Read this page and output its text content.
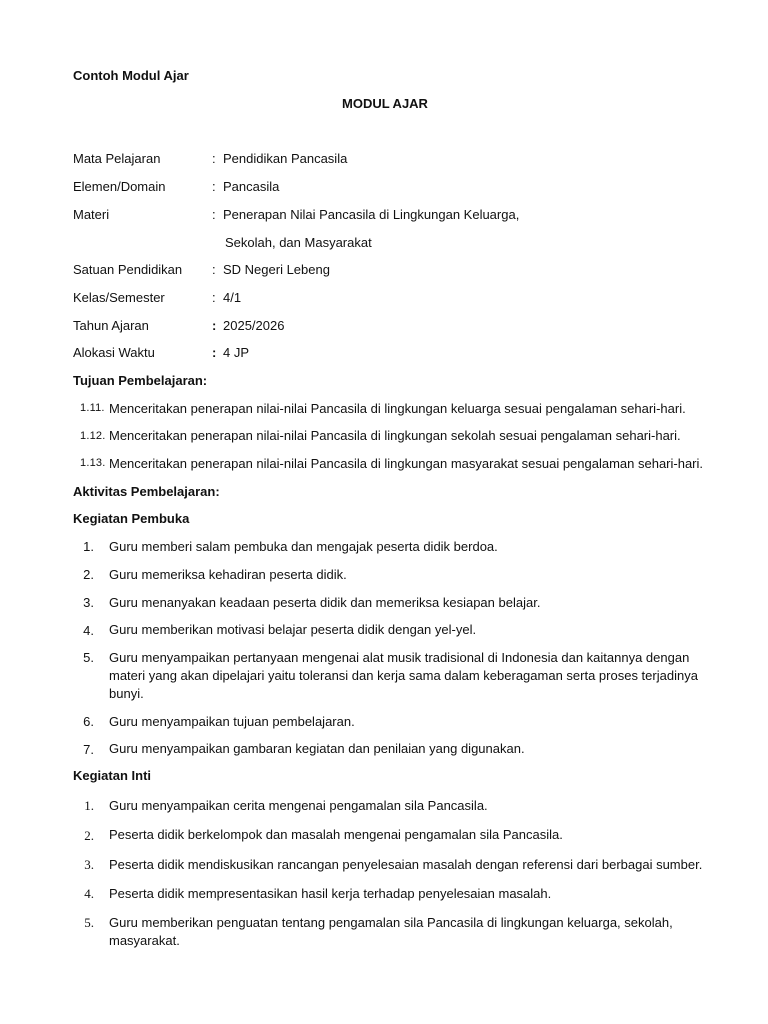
Contoh Modul Ajar
MODUL AJAR
Mata Pelajaran	: Pendidikan Pancasila
Elemen/Domain	: Pancasila
Materi	: Penerapan Nilai Pancasila di Lingkungan Keluarga,
Sekolah, dan Masyarakat
Satuan Pendidikan : SD Negeri Lebeng
Kelas/Semester	: 4/1
Tahun Ajaran	: 2025/2026
Alokasi Waktu	: 4 JP
Tujuan Pembelajaran:
1.11. Menceritakan penerapan nilai-nilai Pancasila di lingkungan keluarga sesuai pengalaman sehari-hari.
1.12. Menceritakan penerapan nilai-nilai Pancasila di lingkungan sekolah sesuai pengalaman sehari-hari.
1.13. Menceritakan penerapan nilai-nilai Pancasila di lingkungan masyarakat sesuai pengalaman sehari-hari.
Aktivitas Pembelajaran:
Kegiatan Pembuka
1. Guru memberi salam pembuka dan mengajak peserta didik berdoa.
2. Guru memeriksa kehadiran peserta didik.
3. Guru menanyakan keadaan peserta didik dan memeriksa kesiapan belajar.
4. Guru memberikan motivasi belajar peserta didik dengan yel-yel.
5. Guru menyampaikan pertanyaan mengenai alat musik tradisional di Indonesia dan kaitannya dengan materi yang akan dipelajari yaitu toleransi dan kerja sama dalam keberagaman serta proses terjadinya bunyi.
6. Guru menyampaikan tujuan pembelajaran.
7. Guru menyampaikan gambaran kegiatan dan penilaian yang digunakan.
Kegiatan Inti
1. Guru menyampaikan cerita mengenai pengamalan sila Pancasila.
2. Peserta didik berkelompok dan masalah mengenai pengamalan sila Pancasila.
3. Peserta didik mendiskusikan rancangan penyelesaian masalah dengan referensi dari berbagai sumber.
4. Peserta didik mempresentasikan hasil kerja terhadap penyelesaian masalah.
5. Guru memberikan penguatan tentang pengamalan sila Pancasila di lingkungan keluarga, sekolah, masyarakat.
